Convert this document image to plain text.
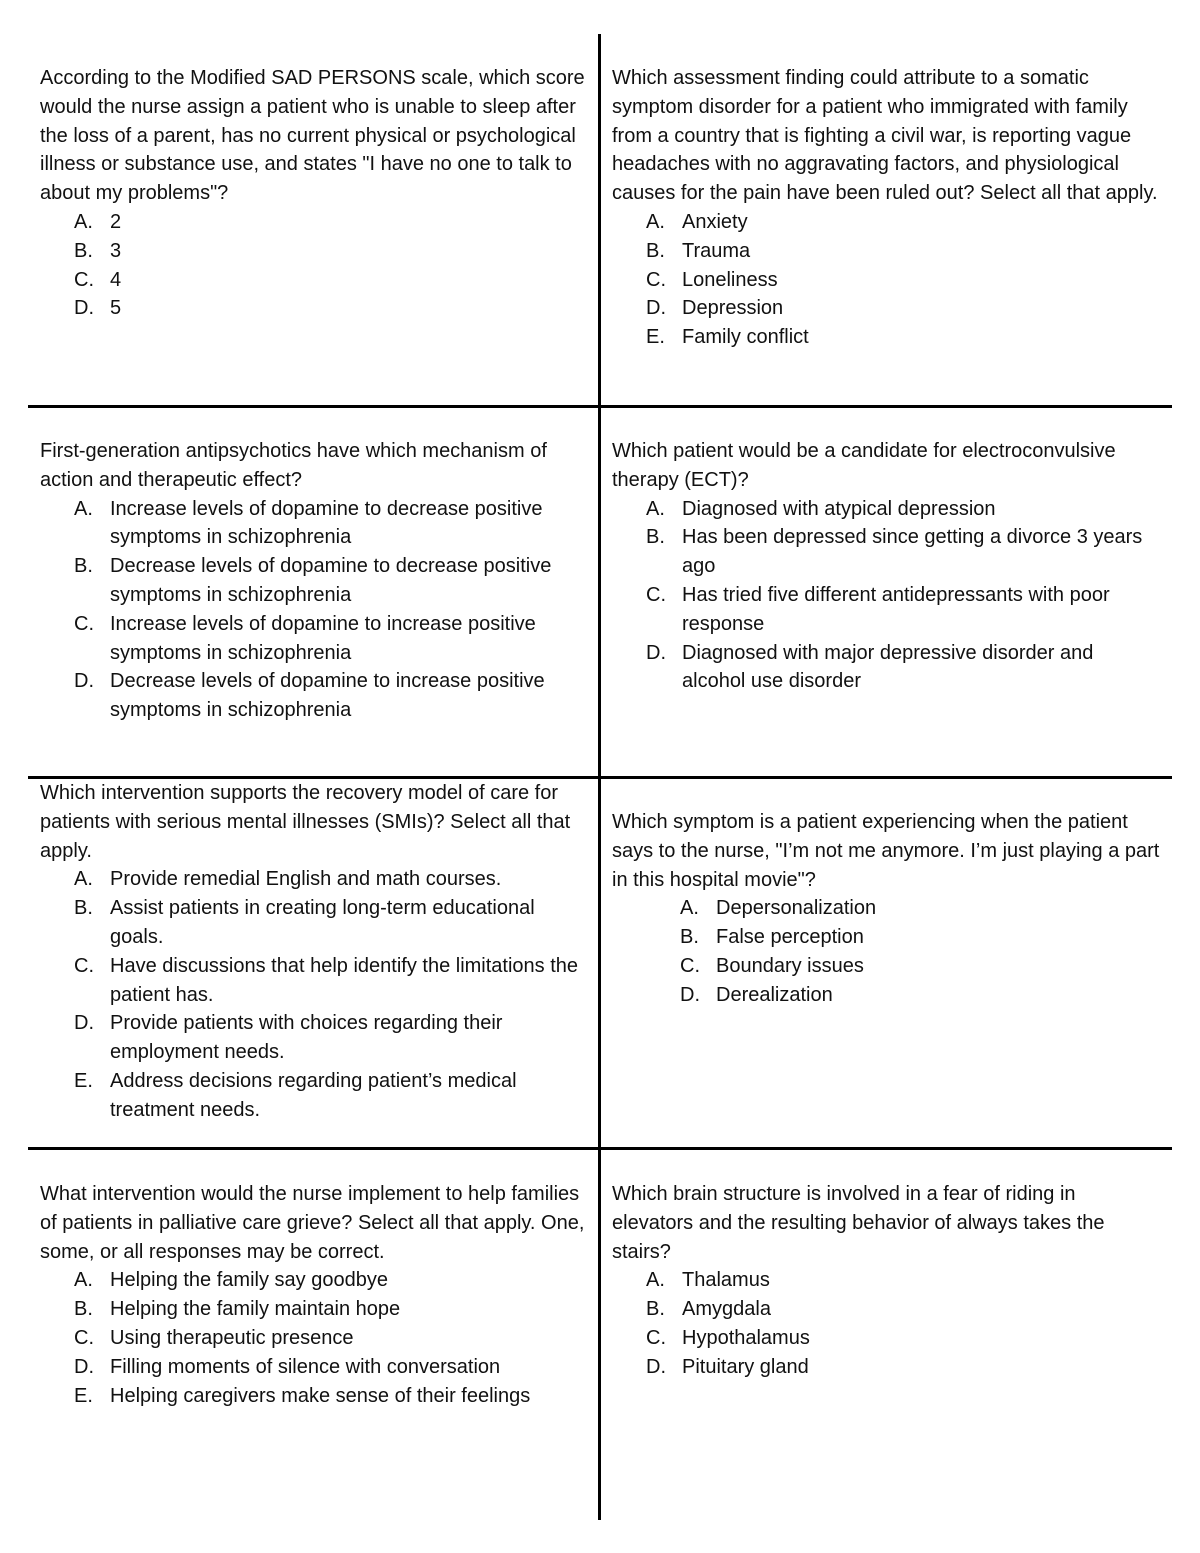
According to the Modified SAD PERSONS scale, which score would the nurse assign a patient who is unable to sleep after the loss of a parent, has no current physical or psychological illness or substance use, and states "I have no one to talk to about my problems"?

A. 2
B. 3
C. 4
D. 5

Which assessment finding could attribute to a somatic symptom disorder for a patient who immigrated with family from a country that is fighting a civil war, is reporting vague headaches with no aggravating factors, and physiological causes for the pain have been ruled out? Select all that apply.

A. Anxiety
B. Trauma
C. Loneliness
D. Depression
E. Family conflict

First-generation antipsychotics have which mechanism of action and therapeutic effect?

A. Increase levels of dopamine to decrease positive symptoms in schizophrenia
B. Decrease levels of dopamine to decrease positive symptoms in schizophrenia
C. Increase levels of dopamine to increase positive symptoms in schizophrenia
D. Decrease levels of dopamine to increase positive symptoms in schizophrenia

Which patient would be a candidate for electroconvulsive therapy (ECT)?

A. Diagnosed with atypical depression
B. Has been depressed since getting a divorce 3 years ago
C. Has tried five different antidepressants with poor response
D. Diagnosed with major depressive disorder and alcohol use disorder

Which intervention supports the recovery model of care for patients with serious mental illnesses (SMIs)? Select all that apply.

A. Provide remedial English and math courses.
B. Assist patients in creating long-term educational goals.
C. Have discussions that help identify the limitations the patient has.
D. Provide patients with choices regarding their employment needs.
E. Address decisions regarding patient’s medical treatment needs.

Which symptom is a patient experiencing when the patient says to the nurse, "I’m not me anymore. I’m just playing a part in this hospital movie"?

A. Depersonalization
B. False perception
C. Boundary issues
D. Derealization

What intervention would the nurse implement to help families of patients in palliative care grieve? Select all that apply. One, some, or all responses may be correct.

A. Helping the family say goodbye
B. Helping the family maintain hope
C. Using therapeutic presence
D. Filling moments of silence with conversation
E. Helping caregivers make sense of their feelings

Which brain structure is involved in a fear of riding in elevators and the resulting behavior of always takes the stairs?

A. Thalamus
B. Amygdala
C. Hypothalamus
D. Pituitary gland
